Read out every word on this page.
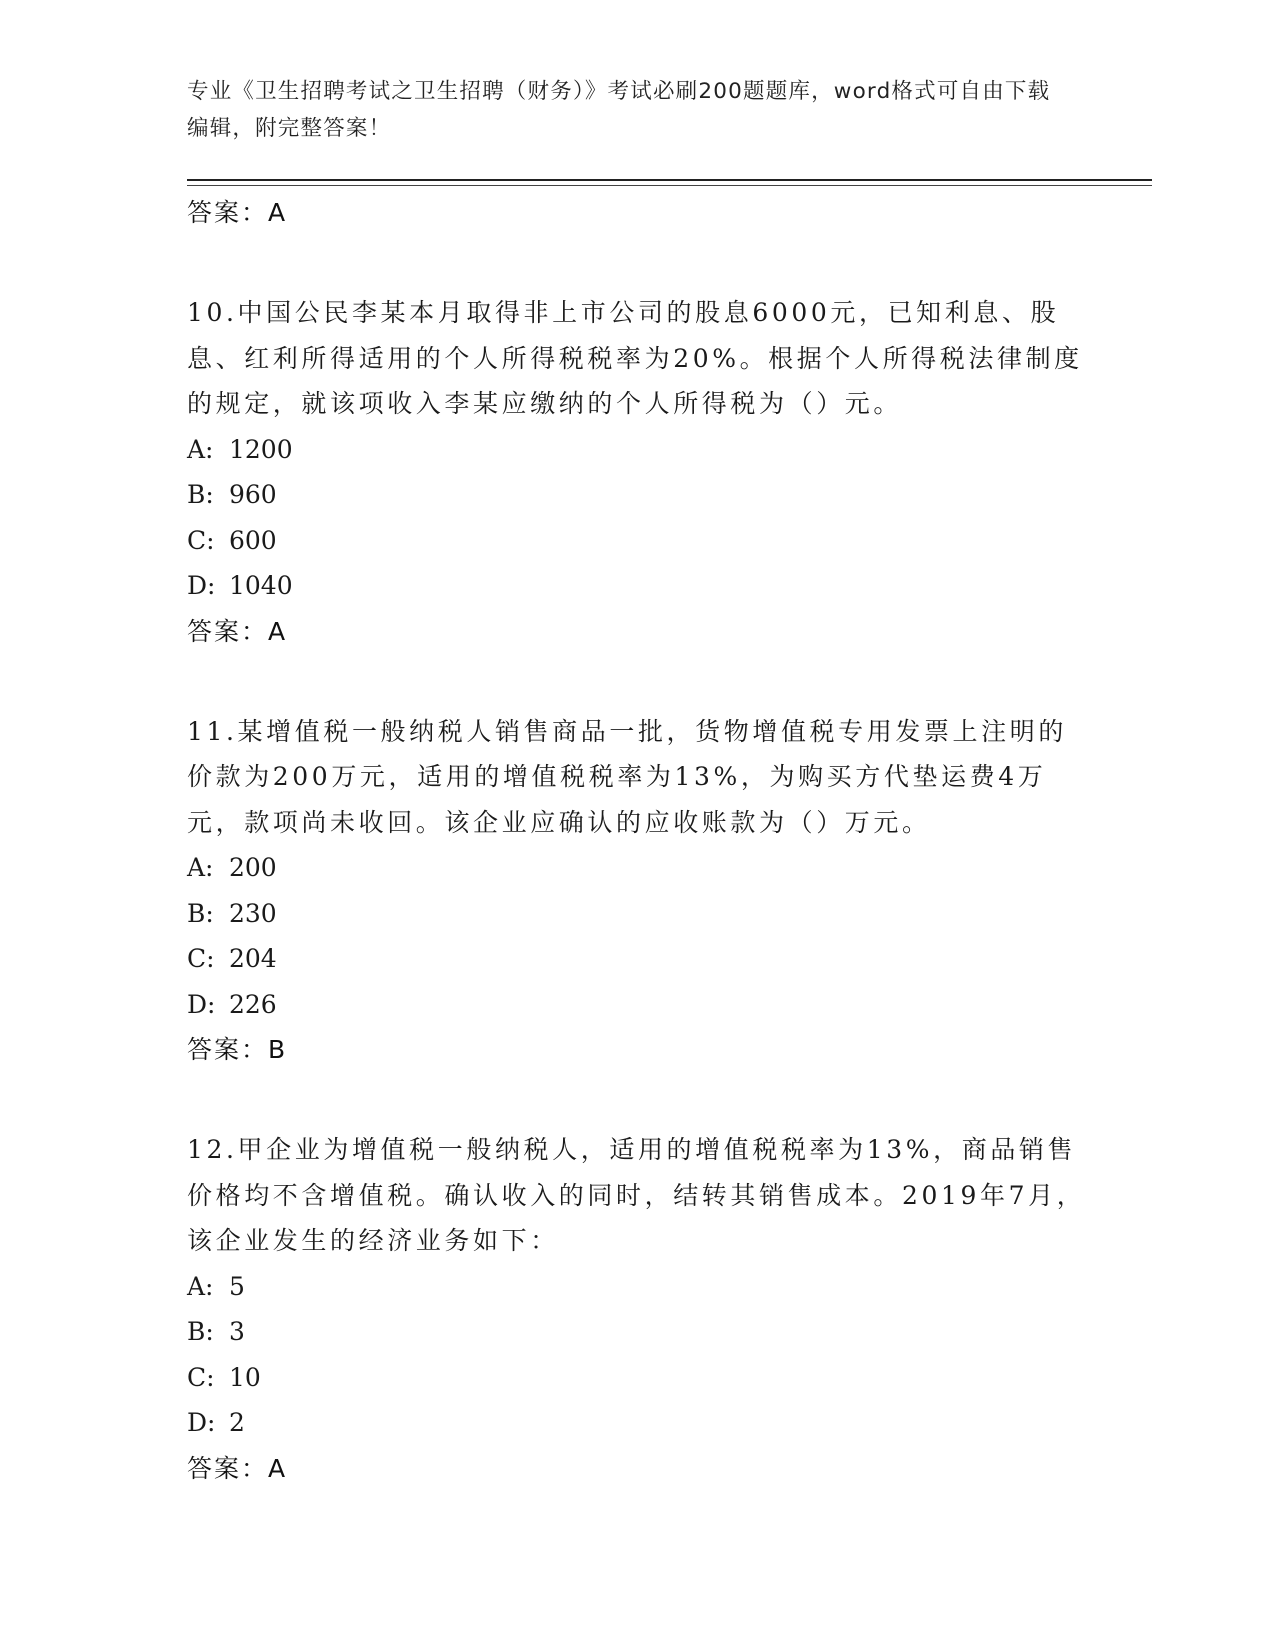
专业《卫生招聘考试之卫生招聘（财务）》考试必刷200题题库，word格式可自由下载编辑，附完整答案！
答案：A

10.中国公民李某本月取得非上市公司的股息6000元，已知利息、股息、红利所得适用的个人所得税税率为20%。根据个人所得税法律制度的规定，就该项收入李某应缴纳的个人所得税为（）元。

A: 1200
B: 960
C: 600
D: 1040
答案：A

11.某增值税一般纳税人销售商品一批，货物增值税专用发票上注明的价款为200万元，适用的增值税税率为13%，为购买方代垫运费4万元，款项尚未收回。该企业应确认的应收账款为（）万元。

A: 200
B: 230
C: 204
D: 226
答案：B

12.甲企业为增值税一般纳税人，适用的增值税税率为13%，商品销售价格均不含增值税。确认收入的同时，结转其销售成本。2019年7月，该企业发生的经济业务如下：

A: 5
B: 3
C: 10
D: 2
答案：A
